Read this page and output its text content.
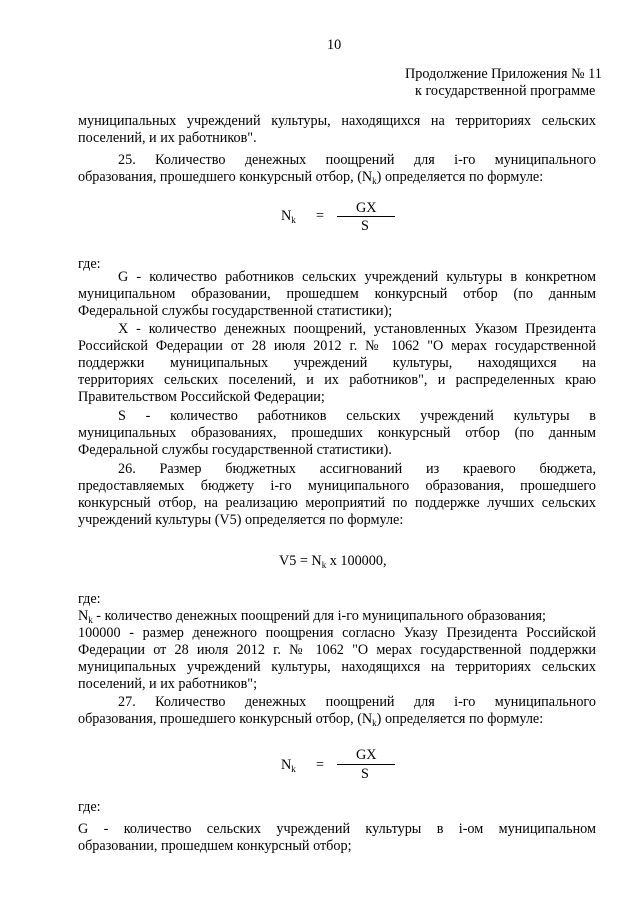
10
Продолжение Приложения № 11
к государственной программе
муниципальных учреждений культуры, находящихся на территориях сельских
поселений, и их работников".
25. Количество денежных поощрений для i-го муниципального
образования, прошедшего конкурсный отбор, $(N_k)$ определяется по формуле:
$N_k$ = GX
S
где:
G - количество работников сельских учреждений культуры в конкретном
муниципальном образовании, прошедшем конкурсный отбор (по данным
Федеральной службы государственной статистики);
X - количество денежных поощрений, установленных Указом Президента
Российской Федерации от 28 июля 2012 г. № 1062 "О мерах государственной
поддержки муниципальных учреждений культуры, находящихся на
территориях сельских поселений, и их работников", и распределенных краю
Правительством Российской Федерации;
S - количество работников сельских учреждений культуры в
муниципальных образованиях, прошедших конкурсный отбор (по данным
Федеральной службы государственной статистики).
26. Размер бюджетных ассигнований из краевого бюджета,
предоставляемых бюджету i-го муниципального образования, прошедшего
конкурсный отбор, на реализацию мероприятий по поддержке лучших сельских
учреждений культуры (V5) определяется по формуле:
$V5 = N_k$ x 100000,
где:
$N_k$ - количество денежных поощрений для i-го муниципального образования;
100000 - размер денежного поощрения согласно Указу Президента Российской
Федерации от 28 июля 2012 г. № 1062 "О мерах государственной поддержки
муниципальных учреждений культуры, находящихся на территориях сельских
поселений, и их работников";
27. Количество денежных поощрений для i-го муниципального
образования, прошедшего конкурсный отбор, $(N_k)$ определяется по формуле:
$N_k$ =
GX
S
где:
G - количество сельских учреждений культуры в i-ом муниципальном
образовании, прошедшем конкурсный отбор;
